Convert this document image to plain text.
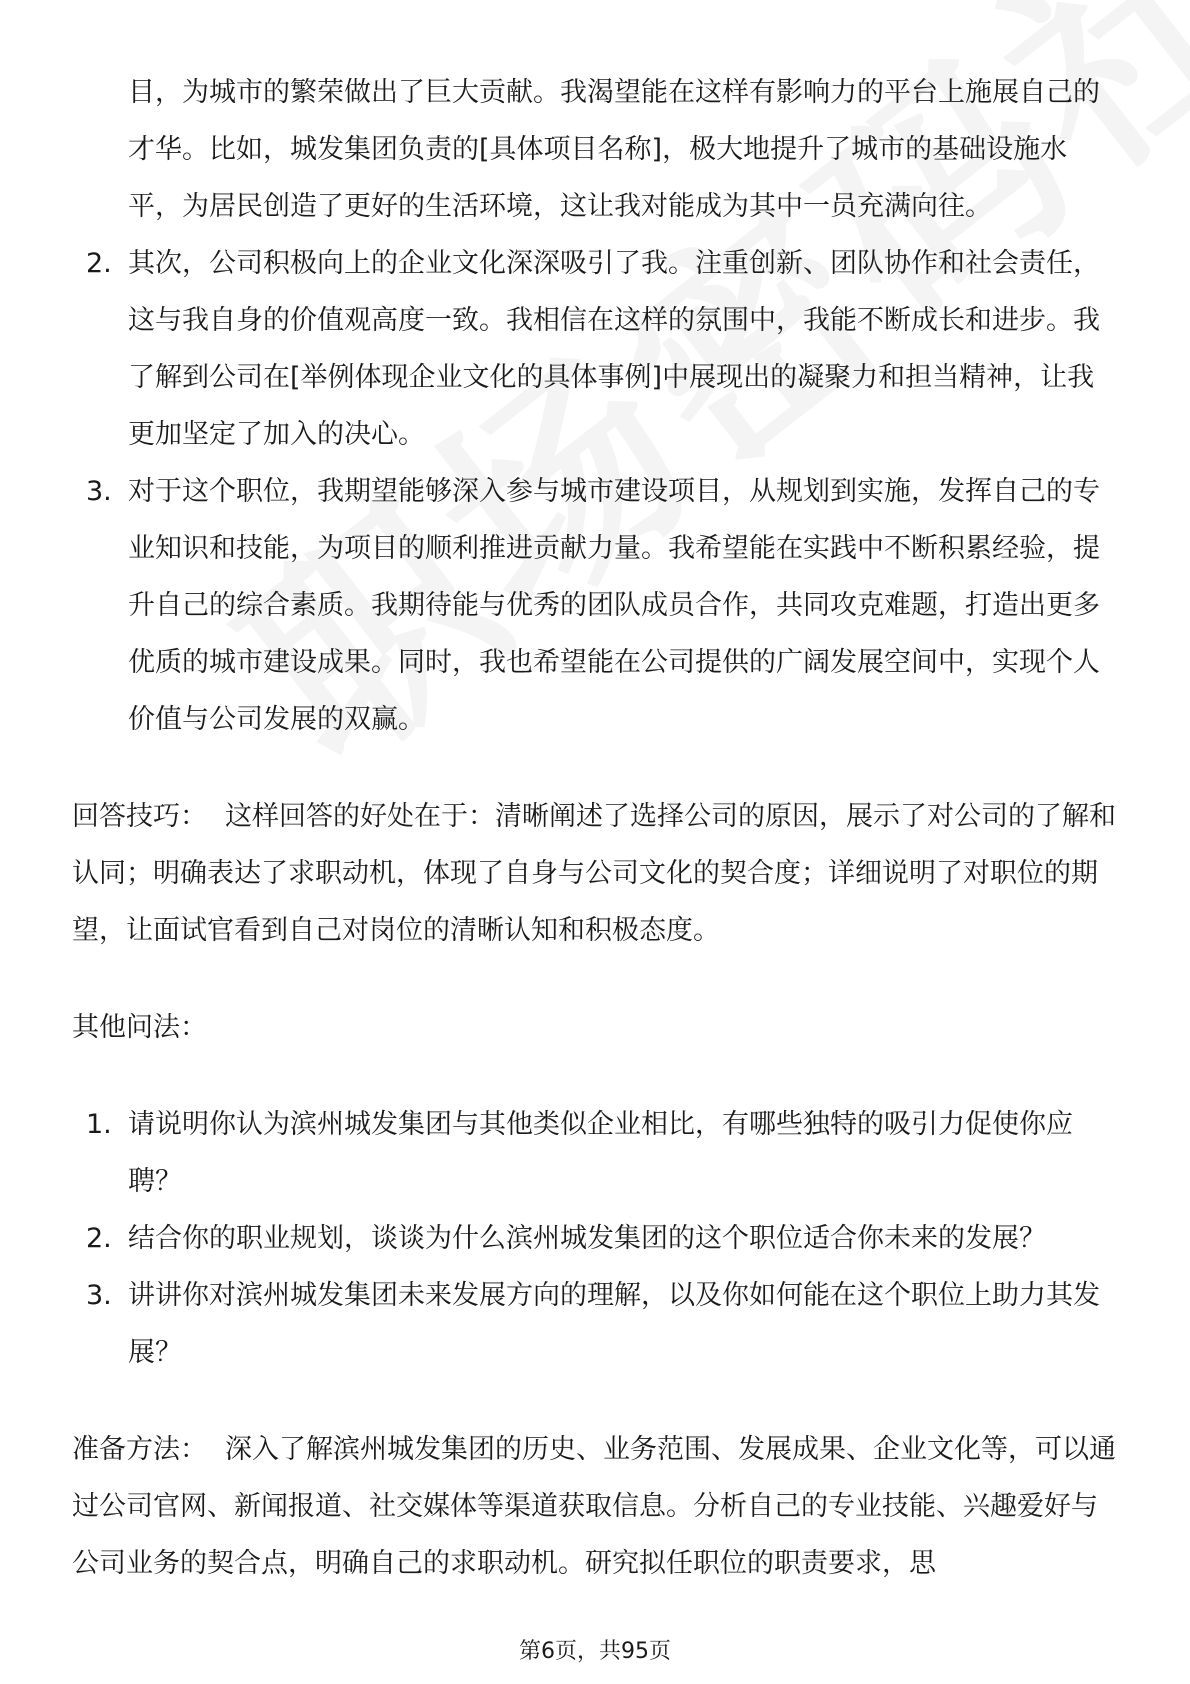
目，为城市的繁荣做出了巨大贡献。我渴望能在这样有影响力的平台上施展自己的才华。比如，城发集团负责的[具体项目名称]，极大地提升了城市的基础设施水平，为居民创造了更好的生活环境，这让我对能成为其中一员充满向往。

2. 其次，公司积极向上的企业文化深深吸引了我。注重创新、团队协作和社会责任，这与我自身的价值观高度一致。我相信在这样的氛围中，我能不断成长和进步。我了解到公司在[举例体现企业文化的具体事例]中展现出的凝聚力和担当精神，让我更加坚定了加入的决心。
3. 对于这个职位，我期望能够深入参与城市建设项目，从规划到实施，发挥自己的专业知识和技能，为项目的顺利推进贡献力量。我希望能在实践中不断积累经验，提升自己的综合素质。我期待能与优秀的团队成员合作，共同攻克难题，打造出更多优质的城市建设成果。同时，我也希望能在公司提供的广阔发展空间中，实现个人价值与公司发展的双赢。

回答技巧： 这样回答的好处在于：清晰阐述了选择公司的原因，展示了对公司的了解和认同；明确表达了求职动机，体现了自身与公司文化的契合度；详细说明了对职位的期望，让面试官看到自己对岗位的清晰认知和积极态度。

其他问法：

1. 请说明你认为滨州城发集团与其他类似企业相比，有哪些独特的吸引力促使你应聘？
2. 结合你的职业规划，谈谈为什么滨州城发集团的这个职位适合你未来的发展？
3. 讲讲你对滨州城发集团未来发展方向的理解，以及你如何能在这个职位上助力其发展？

准备方法： 深入了解滨州城发集团的历史、业务范围、发展成果、企业文化等，可以通过公司官网、新闻报道、社交媒体等渠道获取信息。分析自己的专业技能、兴趣爱好与公司业务的契合点，明确自己的求职动机。研究拟任职位的职责要求，思

第6页，共95页
